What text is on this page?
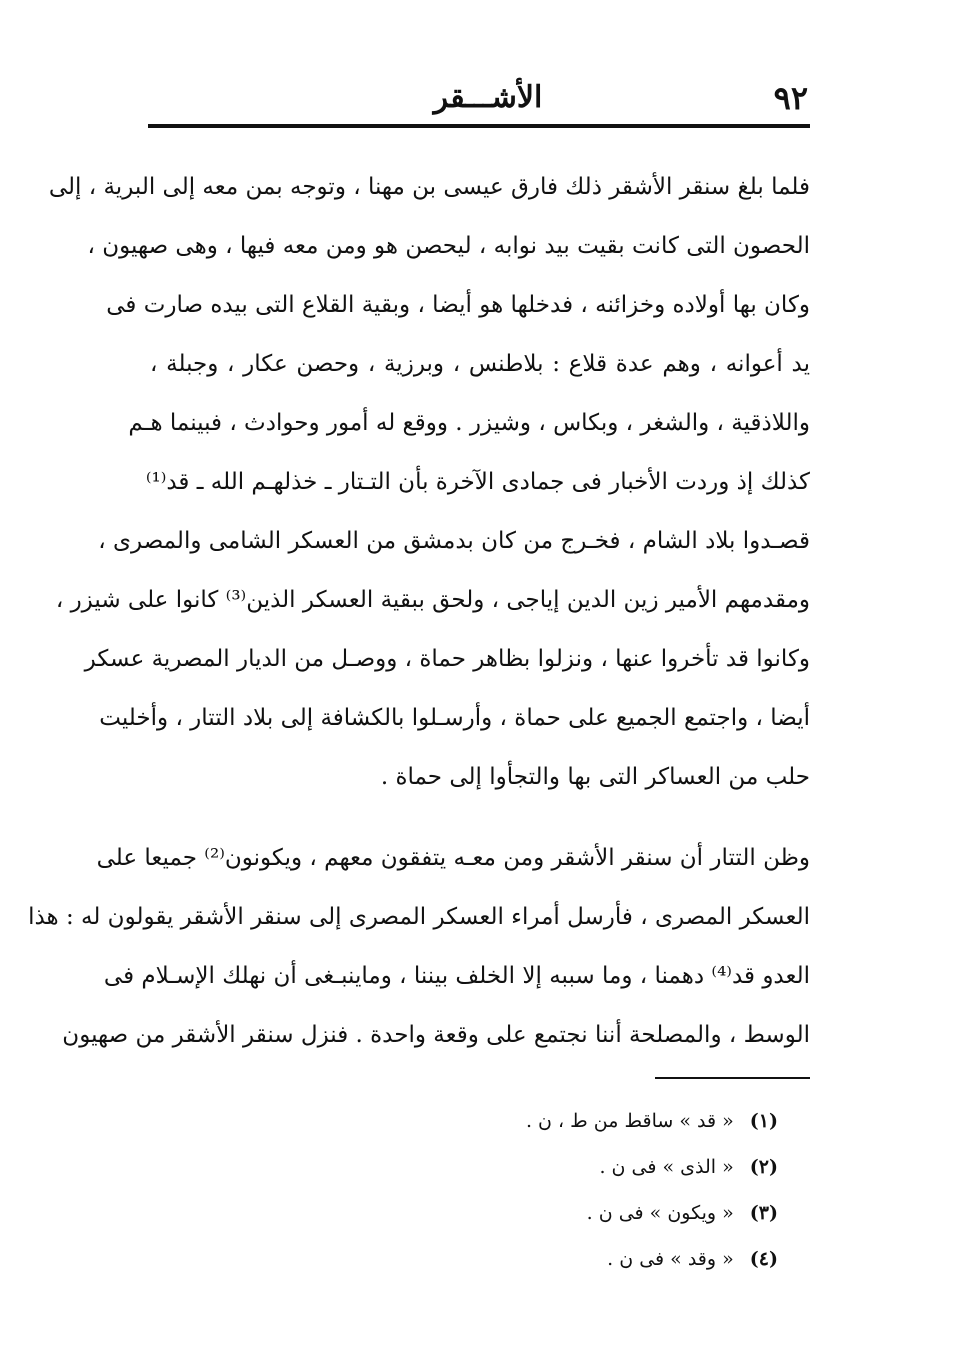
٩٢
الأشـــقر
فلما بلغ سنقر الأشقر ذلك فارق عيسى بن مهنا ، وتوجه بمن معه إلى البرية ، إلى
الحصون التى كانت بقيت بيد نوابه ، ليحصن هو ومن معه فيها ، وهى صهيون ،
وكان بها أولاده وخزائنه ، فدخلها هو أيضا ، وبقية القلاع التى بيده صارت فى
يد أعوانه ، وهم عدة قلاع : بلاطنس ، وبرزية ، وحصن عكار ، وجبلة ،
واللاذقية ، والشغر ، وبكاس ، وشيزر . ووقع له أمور وحوادث ، فبينما هـم
كذلك إذ وردت الأخبار فى جمادى الآخرة بأن التـتار ـ خذلهـم الله ـ قد⁽¹⁾
قصـدوا بلاد الشام ، فخـرج من كان بدمشق من العسكر الشامى والمصرى ،
ومقدمهم الأمير زين الدين إياجى ، ولحق ببقية العسكر الذين⁽³⁾ كانوا على شيزر ،
وكانوا قد تأخروا عنها ، ونزلوا بظاهر حماة ، ووصـل من الديار المصرية عسكر
أيضا ، واجتمع الجميع على حماة ، وأرسـلوا بالكشافة إلى بلاد التتار ، وأخليت
حلب من العساكر التى بها والتجأوا إلى حماة .
وظن التتار أن سنقر الأشقر ومن معـه يتفقون معهم ، ويكونون⁽²⁾ جميعا على
العسكر المصرى ، فأرسل أمراء العسكر المصرى إلى سنقر الأشقر يقولون له : هذا
العدو قد⁽⁴⁾ دهمنا ، وما سببه إلا الخلف بيننا ، وماينبـغى أن نهلك الإسـلام فى
الوسط ، والمصلحة أننا نجتمع على وقعة واحدة . فنزل سنقر الأشقر من صهيون
(١) « قد » ساقط من ط ، ن .
(٢) « الذى » فى ن .
(٣) « ويكون » فى ن .
(٤) « وقد » فى ن .
